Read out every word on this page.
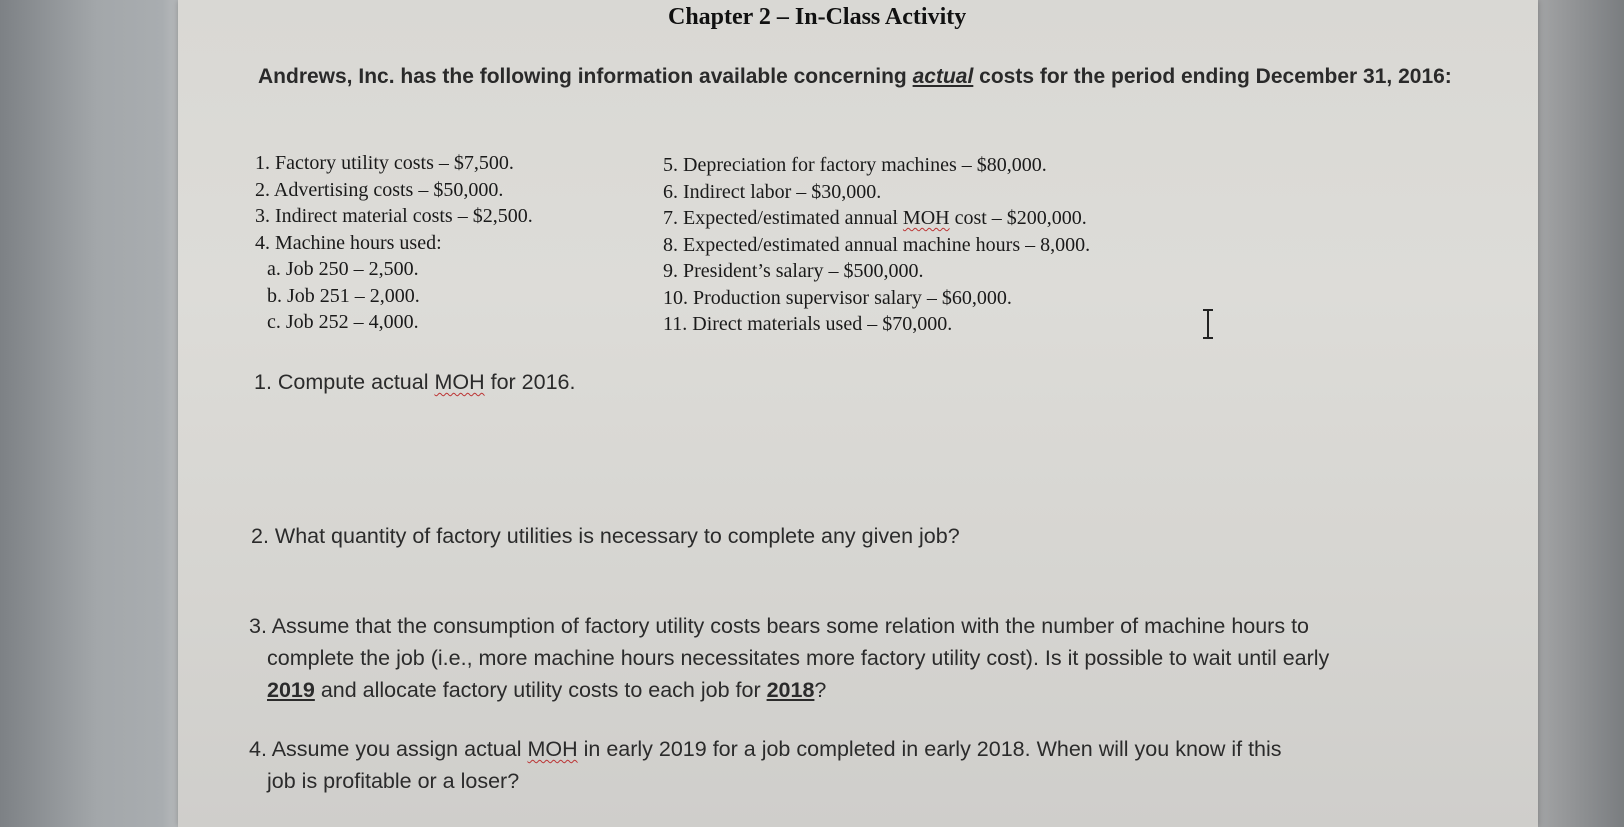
Chapter 2 – In-Class Activity
Andrews, Inc. has the following information available concerning actual costs for the period ending December 31, 2016:
1. Factory utility costs – $7,500.
2. Advertising costs – $50,000.
3. Indirect material costs – $2,500.
4. Machine hours used:
a. Job 250 – 2,500.
b. Job 251 – 2,000.
c. Job 252 – 4,000.
5. Depreciation for factory machines – $80,000.
6. Indirect labor – $30,000.
7. Expected/estimated annual MOH cost – $200,000.
8. Expected/estimated annual machine hours – 8,000.
9. President’s salary – $500,000.
10. Production supervisor salary – $60,000.
11. Direct materials used – $70,000.
1. Compute actual MOH for 2016.
2. What quantity of factory utilities is necessary to complete any given job?
3. Assume that the consumption of factory utility costs bears some relation with the number of machine hours to
complete the job (i.e., more machine hours necessitates more factory utility cost). Is it possible to wait until early
2019 and allocate factory utility costs to each job for 2018?
4. Assume you assign actual MOH in early 2019 for a job completed in early 2018. When will you know if this
job is profitable or a loser?
